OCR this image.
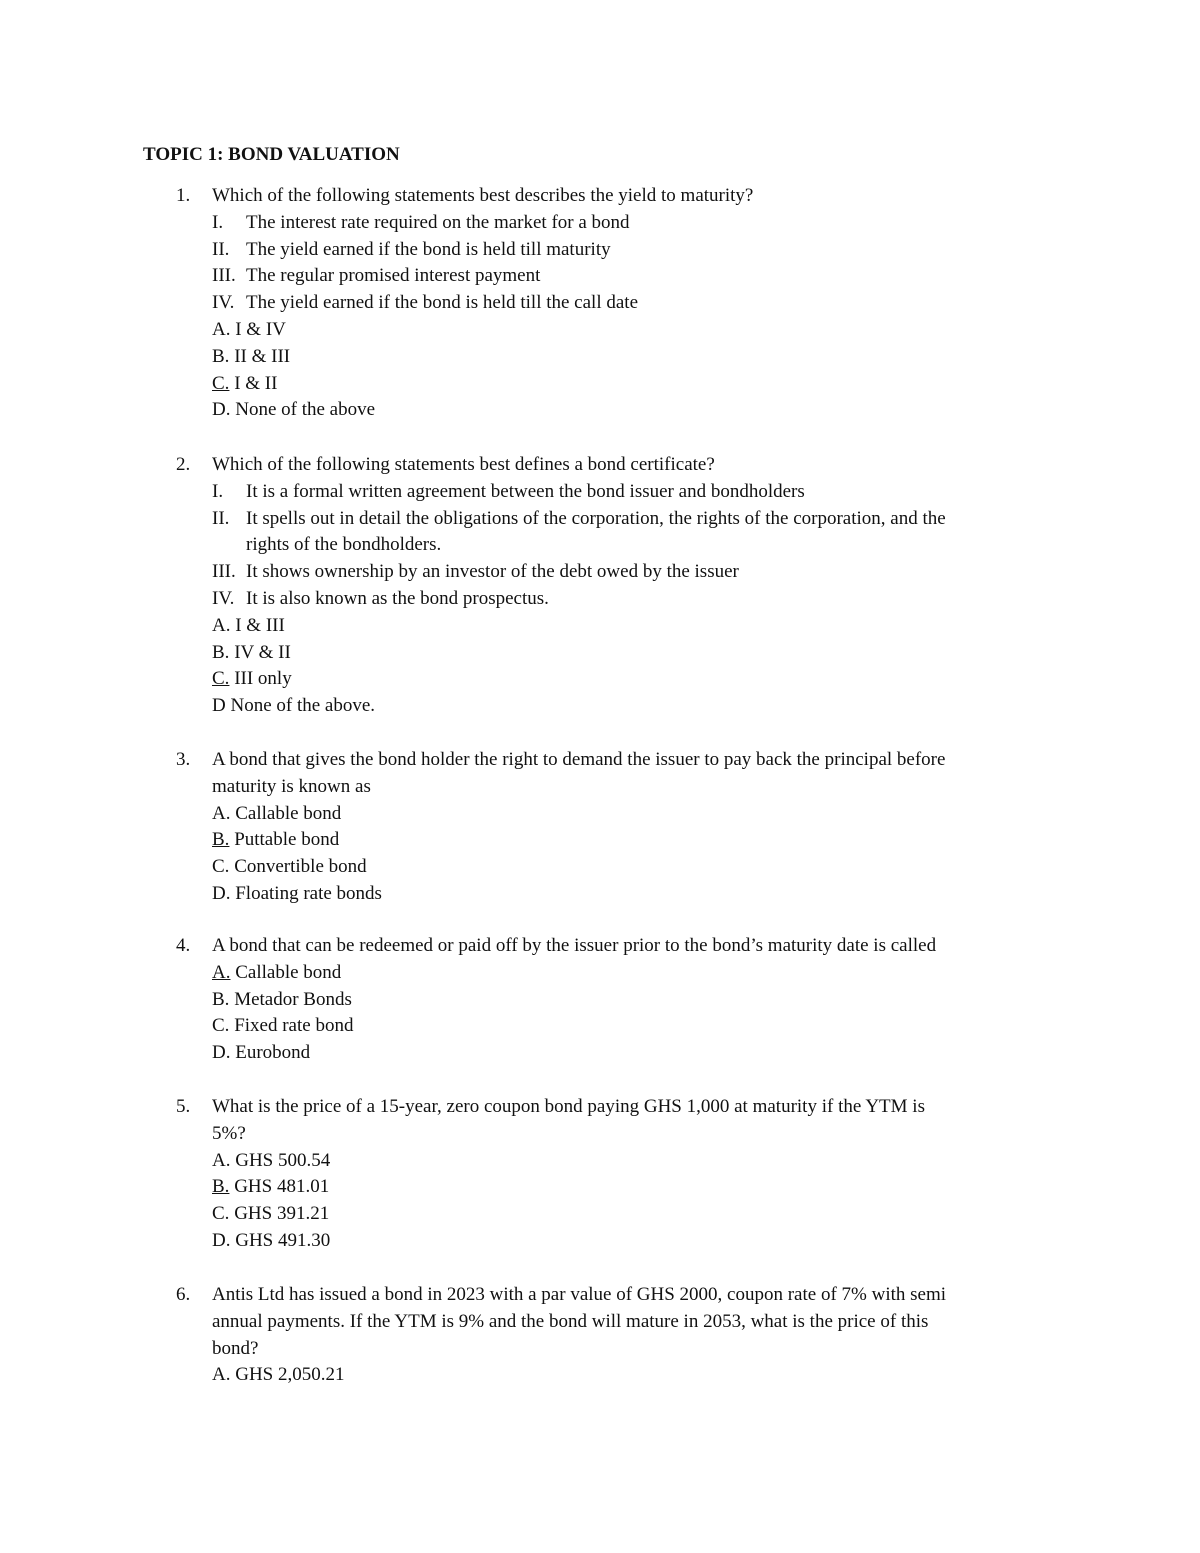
TOPIC 1: BOND VALUATION
1. Which of the following statements best describes the yield to maturity?
I. The interest rate required on the market for a bond
II. The yield earned if the bond is held till maturity
III. The regular promised interest payment
IV. The yield earned if the bond is held till the call date
A. I & IV
B. II & III
C. I & II
D. None of the above
2. Which of the following statements best defines a bond certificate?
I. It is a formal written agreement between the bond issuer and bondholders
II. It spells out in detail the obligations of the corporation, the rights of the corporation, and the
rights of the bondholders.
III. It shows ownership by an investor of the debt owed by the issuer
IV. It is also known as the bond prospectus.
A. I & III
B. IV & II
C. III only
D None of the above.
3. A bond that gives the bond holder the right to demand the issuer to pay back the principal before
maturity is known as
A. Callable bond
B. Puttable bond
C. Convertible bond
D. Floating rate bonds
4. A bond that can be redeemed or paid off by the issuer prior to the bond’s maturity date is called
A. Callable bond
B. Metador Bonds
C. Fixed rate bond
D. Eurobond
5. What is the price of a 15-year, zero coupon bond paying GHS 1,000 at maturity if the YTM is
5%?
A. GHS 500.54
B. GHS 481.01
C. GHS 391.21
D. GHS 491.30
6. Antis Ltd has issued a bond in 2023 with a par value of GHS 2000, coupon rate of 7% with semi
annual payments. If the YTM is 9% and the bond will mature in 2053, what is the price of this
bond?
A. GHS 2,050.21
